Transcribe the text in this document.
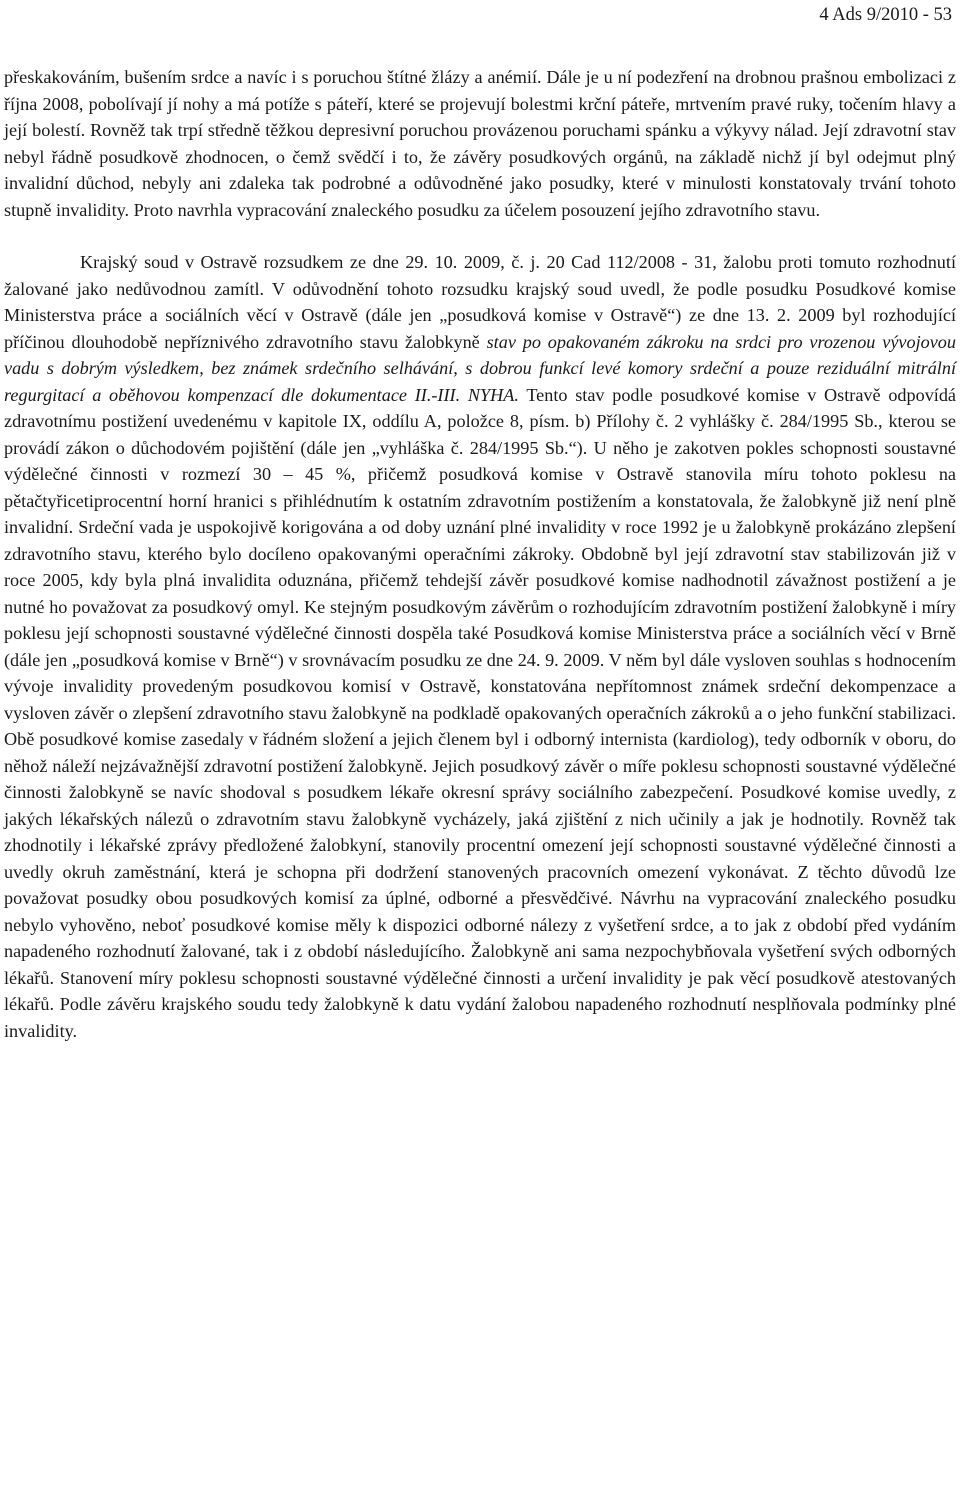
4 Ads 9/2010 - 53

přeskakováním, bušením srdce a navíc i s poruchou štítné žlázy a anémií. Dále je u ní podezření na drobnou prašnou embolizaci z října 2008, pobolívají jí nohy a má potíže s páteří, které se projevují bolestmi krční páteře, mrtvením pravé ruky, točením hlavy a její bolestí. Rovněž tak trpí středně těžkou depresivní poruchou provázenou poruchami spánku a výkyvy nálad. Její zdravotní stav nebyl řádně posudkově zhodnocen, o čemž svědčí i to, že závěry posudkových orgánů, na základě nichž jí byl odejmut plný invalidní důchod, nebyly ani zdaleka tak podrobné a odůvodněné jako posudky, které v minulosti konstatovaly trvání tohoto stupně invalidity. Proto navrhla vypracování znaleckého posudku za účelem posouzení jejího zdravotního stavu.

Krajský soud v Ostravě rozsudkem ze dne 29. 10. 2009, č. j. 20 Cad 112/2008 - 31, žalobu proti tomuto rozhodnutí žalované jako nedůvodnou zamítl. V odůvodnění tohoto rozsudku krajský soud uvedl, že podle posudku Posudkové komise Ministerstva práce a sociálních věcí v Ostravě (dále jen „posudková komise v Ostravě“) ze dne 13. 2. 2009 byl rozhodující příčinou dlouhodobě nepříznivého zdravotního stavu žalobkyně stav po opakovaném zákroku na srdci pro vrozenou vývojovou vadu s dobrým výsledkem, bez známek srdečního selhávání, s dobrou funkcí levé komory srdeční a pouze reziduální mitrální regurgitací a oběhovou kompenzací dle dokumentace II.-III. NYHA. Tento stav podle posudkové komise v Ostravě odpovídá zdravotnímu postižení uvedenému v kapitole IX, oddílu A, položce 8, písm. b) Přílohy č. 2 vyhlášky č. 284/1995 Sb., kterou se provádí zákon o důchodovém pojištění (dále jen „vyhláška č. 284/1995 Sb.“). U něho je zakotven pokles schopnosti soustavné výdělečné činnosti v rozmezí 30 – 45 %, přičemž posudková komise v Ostravě stanovila míru tohoto poklesu na pětačtyřicetiprocentní horní hranici s přihlédnutím k ostatním zdravotním postižením a konstatovala, že žalobkyně již není plně invalidní. Srdeční vada je uspokojivě korigována a od doby uznání plné invalidity v roce 1992 je u žalobkyně prokázáno zlepšení zdravotního stavu, kterého bylo docíleno opakovanými operačními zákroky. Obdobně byl její zdravotní stav stabilizován již v roce 2005, kdy byla plná invalidita oduznána, přičemž tehdejší závěr posudkové komise nadhodnotil závažnost postižení a je nutné ho považovat za posudkový omyl. Ke stejným posudkovým závěrům o rozhodujícím zdravotním postižení žalobkyně i míry poklesu její schopnosti soustavné výdělečné činnosti dospěla také Posudková komise Ministerstva práce a sociálních věcí v Brně (dále jen „posudková komise v Brně“) v srovnávacím posudku ze dne 24. 9. 2009. V něm byl dále vysloven souhlas s hodnocením vývoje invalidity provedeným posudkovou komisí v Ostravě, konstatována nepřítomnost známek srdeční dekompenzace a vysloven závěr o zlepšení zdravotního stavu žalobkyně na podkladě opakovaných operačních zákroků a o jeho funkční stabilizaci. Obě posudkové komise zasedaly v řádném složení a jejich členem byl i odborný internista (kardiolog), tedy odborník v oboru, do něhož náleží nejzávažnější zdravotní postižení žalobkyně. Jejich posudkový závěr o míře poklesu schopnosti soustavné výdělečné činnosti žalobkyně se navíc shodoval s posudkem lékaře okresní správy sociálního zabezpečení. Posudkové komise uvedly, z jakých lékařských nálezů o zdravotním stavu žalobkyně vycházely, jaká zjištění z nich učinily a jak je hodnotily. Rovněž tak zhodnotily i lékařské zprávy předložené žalobkyní, stanovily procentní omezení její schopnosti soustavné výdělečné činnosti a uvedly okruh zaměstnání, která je schopna při dodržení stanovených pracovních omezení vykonávat. Z těchto důvodů lze považovat posudky obou posudkových komisí za úplné, odborné a přesvědčivé. Návrhu na vypracování znaleckého posudku nebylo vyhověno, neboť posudkové komise měly k dispozici odborné nálezy z vyšetření srdce, a to jak z období před vydáním napadeného rozhodnutí žalované, tak i z období následujícího. Žalobkyně ani sama nezpochybňovala vyšetření svých odborných lékařů. Stanovení míry poklesu schopnosti soustavné výdělečné činnosti a určení invalidity je pak věcí posudkově atestovaných lékařů. Podle závěru krajského soudu tedy žalobkyně k datu vydání žalobou napadeného rozhodnutí nesplňovala podmínky plné invalidity.
